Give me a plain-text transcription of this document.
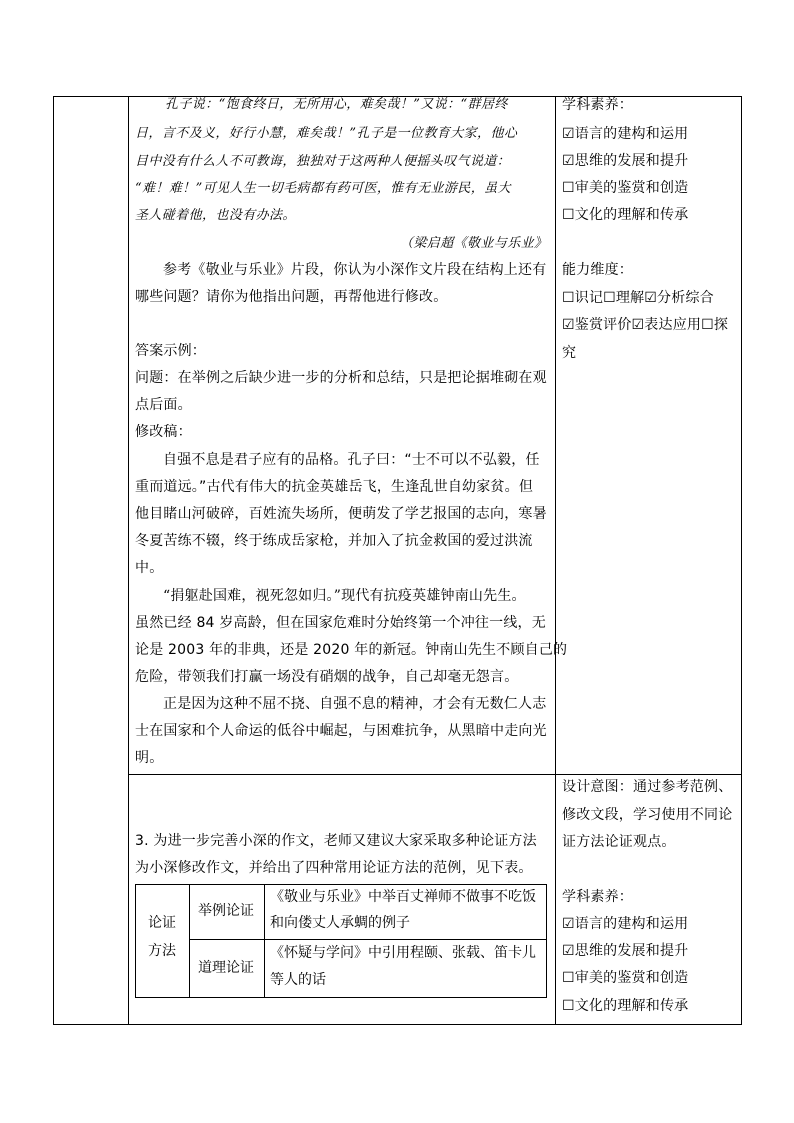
孔子说：“饱食终日，无所用心，难矣哉！”又说：“群居终
日，言不及义，好行小慧，难矣哉！”孔子是一位教育大家，他心
目中没有什么人不可教诲，独独对于这两种人便摇头叹气说道：
“难！难！”可见人生一切毛病都有药可医，惟有无业游民，虽大
圣人碰着他，也没有办法。
（梁启超《敬业与乐业》
参考《敬业与乐业》片段，你认为小深作文片段在结构上还有
哪些问题？请你为他指出问题，再帮他进行修改。
答案示例：
问题：在举例之后缺少进一步的分析和总结，只是把论据堆砌在观
点后面。
修改稿：
自强不息是君子应有的品格。孔子曰：“士不可以不弘毅，任
重而道远。”古代有伟大的抗金英雄岳飞，生逢乱世自幼家贫。但
他目睹山河破碎，百姓流失场所，便萌发了学艺报国的志向，寒暑
冬夏苦练不辍，终于练成岳家枪，并加入了抗金救国的爱过洪流
中。
“捐躯赴国难，视死忽如归。”现代有抗疫英雄钟南山先生。
虽然已经 84 岁高龄，但在国家危难时分始终第一个冲往一线，无
论是 2003 年的非典，还是 2020 年的新冠。钟南山先生不顾自己的
危险，带领我们打赢一场没有硝烟的战争，自己却毫无怨言。
正是因为这种不屈不挠、自强不息的精神，才会有无数仁人志
士在国家和个人命运的低谷中崛起，与困难抗争，从黑暗中走向光
明。
学科素养：
☑语言的建构和运用
☑思维的发展和提升
☐审美的鉴赏和创造
☐文化的理解和传承
能力维度：
☐识记☐理解☑分析综合
☑鉴赏评价☑表达应用☐探
究
3. 为进一步完善小深的作文，老师又建议大家采取多种论证方法
为小深修改作文，并给出了四种常用论证方法的范例，见下表。
论证
方法
举例论证
《敬业与乐业》中举百丈禅师不做事不吃饭
和向偻丈人承蜩的例子
道理论证
《怀疑与学问》中引用程颐、张载、笛卡儿
等人的话
设计意图：通过参考范例、
修改文段，学习使用不同论
证方法论证观点。
学科素养：
☑语言的建构和运用
☑思维的发展和提升
☐审美的鉴赏和创造
☐文化的理解和传承
